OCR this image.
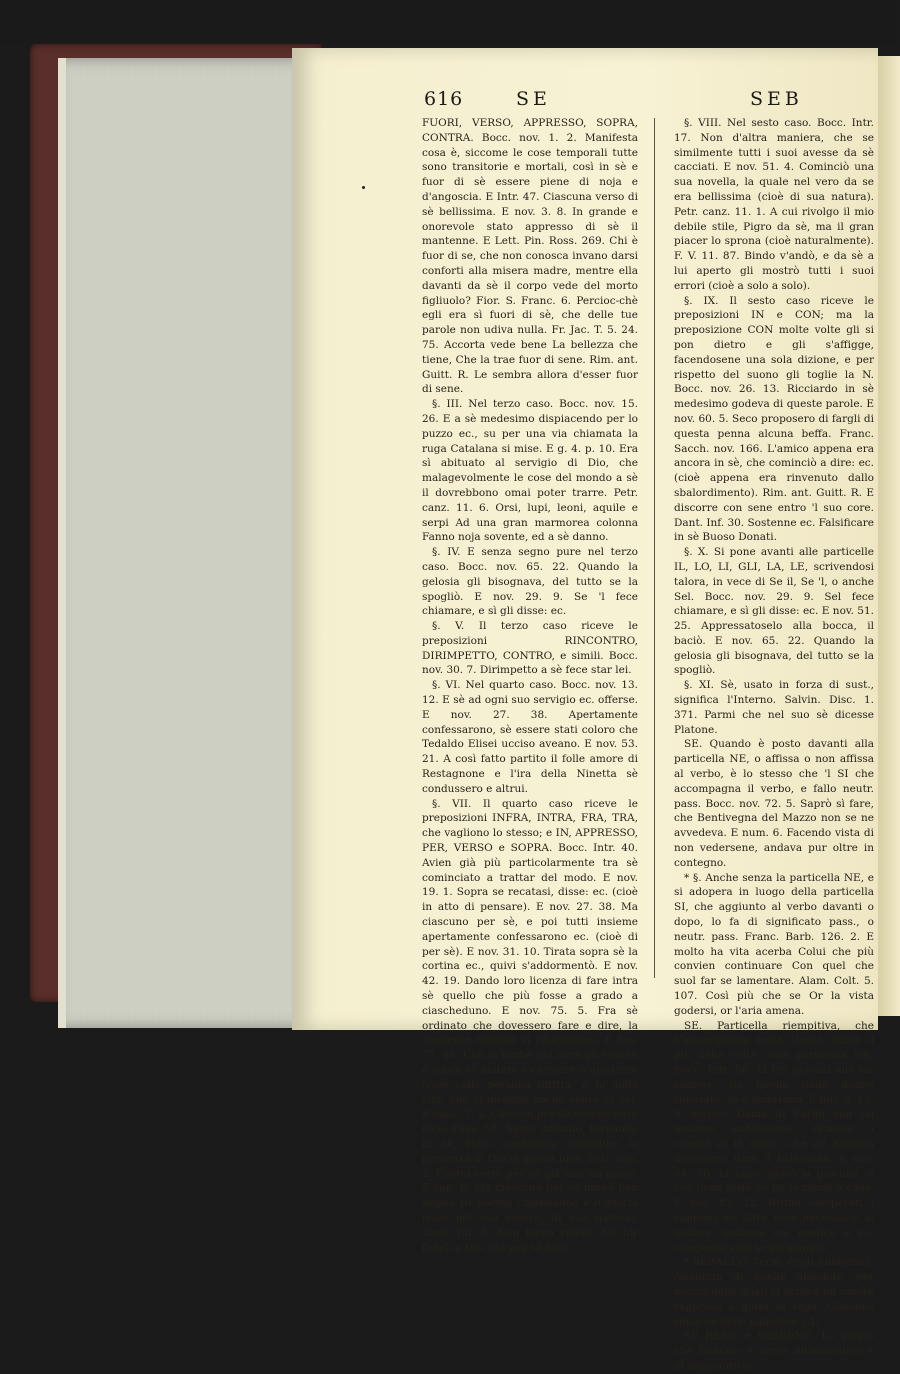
616	SE	SEB

FUORI, VERSO, APPRESSO, SOPRA, CONTRA. Bocc. nov. 1. 2. Manifesta cosa è, siccome le cose temporali tutte sono transitorie e mortali, così in sè e fuor di sè essere piene di noja e d'angoscia. E Intr. 47. Ciascuna verso di sè bellissima. E nov. 3. 8. In grande e onorevole stato appresso di sè il mantenne. E Lett. Pin. Ross. 269. Chi è fuor di se, che non conosca invano darsi conforti alla misera madre, mentre ella davanti da sè il corpo vede del morto figliuolo? Fior. S. Franc. 6. Percioc-chè egli era sì fuori di sè, che delle tue parole non udiva nulla. Fr. Jac. T. 5. 24. 75. Accorta vede bene La bellezza che tiene, Che la trae fuor di sene. Rim. ant. Guitt. R. Le sembra allora d'esser fuor di sene.

§. III. Nel terzo caso. Bocc. nov. 15. 26. E a sè medesimo dispiacendo per lo puzzo ec., su per una via chiamata la ruga Catalana si mise. E g. 4. p. 10. Era sì abituato al servigio di Dio, che malagevolmente le cose del mondo a sè il dovrebbono omai poter trarre. Petr. canz. 11. 6. Orsi, lupi, leoni, aquile e serpi Ad una gran marmorea colonna Fanno noja sovente, ed a sè danno.

§. IV. E senza segno pure nel terzo caso. Bocc. nov. 65. 22. Quando la gelosia gli bisognava, del tutto se la spogliò. E nov. 29. 9. Se 'l fece chiamare, e sì gli disse: ec.

§. V. Il terzo caso riceve le preposizioni RINCONTRO, DIRIMPETTO, CONTRO, e simili. Bocc. nov. 30. 7. Dirimpetto a sè fece star lei.

§. VI. Nel quarto caso. Bocc. nov. 13. 12. E sè ad ogni suo servigio ec. offerse. E nov. 27. 38. Apertamente confessarono, sè essere stati coloro che Tedaldo Elisei ucciso aveano. E nov. 53. 21. A così fatto partito il folle amore di Restagnone e l'ira della Ninetta sè condussero e altrui.

§. VII. Il quarto caso riceve le preposizioni INFRA, INTRA, FRA, TRA, che vagliono lo stesso; e IN, APPRESSO, PER, VERSO e SOPRA. Bocc. Intr. 40. Avien già più particolarmente tra sè cominciato a trattar del modo. E nov. 19. 1. Sopra se recatasi, disse: ec. (cioè in atto di pensare). E nov. 27. 38. Ma ciascuno per sè, e poi tutti insieme apertamente confessarono ec. (cioè di per sè). E nov. 31. 10. Tirata sopra sè la cortina ec., quivi s'addormentò. E nov. 42. 19. Dando loro licenza di fare intra sè quello che più fosse a grado a ciascheduno. E nov. 75. 5. Fra sè ordinato che dovessero fare e dire, la seguente mattina vi ritornarono. E nov. 77. 48. Con le barbe più nere gli vedete e sopra sè andare e carolare e giostrare (cioè colla persona diritta, e in sulla vita, che si direbbe anche sopra di sè). E canz. 7. 2. Ciascun per sè accese novo foco. Pass. 58. Santo Antonio, tornando in sè, tutto confortato cognobbe la presenza di Dio in quella luce. Petr. cap. 2. Costui certo per sè già non mi piace. E cap. 6. Ma ciascuna per sè parea ben degna Di poema chiarissimo e d'istoria (cioè nel suo essere, di sua natura). Dant. Inf. 3. Non furon ribelli, Nè fur fedeli a Dio, ma per sè foro.

§. VIII. Nel sesto caso. Bocc. Intr. 17. Non d'altra maniera, che se similmente tutti i suoi avesse da sè cacciati. E nov. 51. 4. Cominciò una sua novella, la quale nel vero da se era bellissima (cioè di sua natura). Petr. canz. 11. 1. A cui rivolgo il mio debile stile, Pigro da sè, ma il gran piacer lo sprona (cioè naturalmente). F. V. 11. 87. Bindo v'andò, e da sè a lui aperto gli mostrò tutti i suoi errori (cioè a solo a solo).

§. IX. Il sesto caso riceve le preposizioni IN e CON; ma la preposizione CON molte volte gli si pon dietro e gli s'affigge, facendosene una sola dizione, e per rispetto del suono gli toglie la N. Bocc. nov. 26. 13. Ricciardo in sè medesimo godeva di queste parole. E nov. 60. 5. Seco proposero di fargli di questa penna alcuna beffa. Franc. Sacch. nov. 166. L'amico appena era ancora in sè, che cominciò a dire: ec. (cioè appena era rinvenuto dallo sbalordimento). Rim. ant. Guitt. R. E discorre con sene entro 'l suo core. Dant. Inf. 30. Sostenne ec. Falsificare in sè Buoso Donati.

§. X. Si pone avanti alle particelle IL, LO, LI, GLI, LA, LE, scrivendosi talora, in vece di Se il, Se 'l, o anche Sel. Bocc. nov. 29. 9. Sel fece chiamare, e sì gli disse: ec. E nov. 51. 25. Appressatoselo alla bocca, il baciò. E nov. 65. 22. Quando la gelosia gli bisognava, del tutto se la spogliò.

§. XI. Sè, usato in forza di sust., significa l'Interno. Salvin. Disc. 1. 371. Parmi che nel suo sè dicesse Platone.

SE. Quando è posto davanti alla particella NE, o affissa o non affissa al verbo, è lo stesso che 'l SI che accompagna il verbo, e fallo neutr. pass. Bocc. nov. 72. 5. Saprò sì fare, che Bentivegna del Mazzo non se ne avvedeva. E num. 6. Facendo vista di non vedersene, andava pur oltre in contegno.

* §. Anche senza la particella NE, e si adopera in luogo della particella SI, che aggiunto al verbo davanti o dopo, lo fa di significato pass., o neutr. pass. Franc. Barb. 126. 2. E molto ha vita acerba Colui che più convien continuare Con quel che suol far se lamentare. Alam. Colt. 5. 107. Così più che se Or la vista godersi, or l'aria amena.

SE. Particella riempitiva, che s'accompagna nella stessa guisa il più delle volte colla particella NE. Bocc. Intr. 56. Li tre giovani alle lor camere, da quelle delle donne separate, se n'andarono. E nov. 2. 12. A messer Dama di Parigi con lui insieme andatosene, richiese i cherici di là entro, che ad Abraam dovessero dare il battesimo. E nov. 44. 16. Li capo sposò la giovane, e con gran festa se ne la menò a casa. E nov. 83. 12. Bruno comperati i capponi, ed altre cose necessarie al godere, insieme col medico e co' compagni suoi se gli mangiò.

* SEBACEO. Term. degli Anatomici. Aggiunto di quelle glandole, per mezzo delle quali si separa un umore rappreso a guisa di sego. Glandole sebacee delle palpebre. (A)

SE BENE e SEBBENE. Lo stesso che Benchè; e serve all'indicativo e al soggiuntivo.
